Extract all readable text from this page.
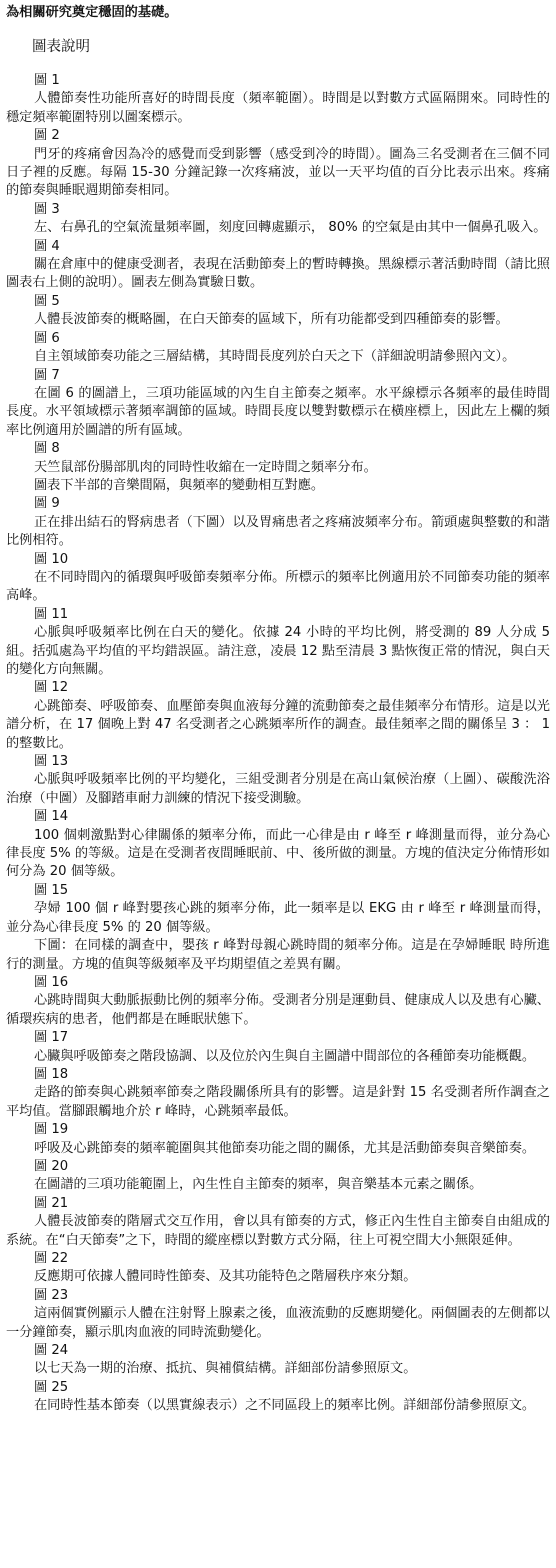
為相關研究奠定穩固的基礎。

圖表說明
圖 1

人體節奏性功能所喜好的時間長度（頻率範圍）。時間是以對數方式區隔開來。同時性的穩定頻率範圍特別以圖案標示。

圖 2

門牙的疼痛會因為冷的感覺而受到影響（感受到冷的時間）。圖為三名受測者在三個不同日子裡的反應。每隔 15-30 分鐘記錄一次疼痛波，並以一天平均值的百分比表示出來。疼痛的節奏與睡眠週期節奏相同。

圖 3

左、右鼻孔的空氣流量頻率圖，刻度回轉處顯示， 80% 的空氣是由其中一個鼻孔吸入。

圖 4

關在倉庫中的健康受測者，表現在活動節奏上的暫時轉換。黑線標示著活動時間（請比照圖表右上側的說明）。圖表左側為實驗日數。

圖 5

人體長波節奏的概略圖，在白天節奏的區域下，所有功能都受到四種節奏的影響。

圖 6

自主領域節奏功能之三層結構，其時間長度列於白天之下（詳細說明請參照內文）。

圖 7

在圖 6 的圖譜上，三項功能區域的內生自主節奏之頻率。水平線標示各頻率的最佳時間長度。水平領域標示著頻率調節的區域。時間長度以雙對數標示在橫座標上，因此左上欄的頻率比例適用於圖譜的所有區域。

圖 8

天竺鼠部份腸部肌肉的同時性收縮在一定時間之頻率分布。

圖表下半部的音樂間隔，與頻率的變動相互對應。

圖 9

正在排出結石的腎病患者（下圖）以及胃痛患者之疼痛波頻率分布。箭頭處與整數的和諧比例相符。

圖 10

在不同時間內的循環與呼吸節奏頻率分佈。所標示的頻率比例適用於不同節奏功能的頻率高峰。

圖 11

心脈與呼吸頻率比例在白天的變化。依據 24 小時的平均比例，將受測的 89 人分成 5 組。括弧處為平均值的平均錯誤區。請注意，凌晨 12 點至清晨 3 點恢復正常的情況，與白天的變化方向無關。

圖 12

心跳節奏、呼吸節奏、血壓節奏與血液每分鐘的流動節奏之最佳頻率分布情形。這是以光譜分析，在 17 個晚上對 47 名受測者之心跳頻率所作的調查。最佳頻率之間的關係呈 3 ： 1 的整數比。

圖 13

心脈與呼吸頻率比例的平均變化，三組受測者分別是在高山氣候治療（上圖）、碳酸洗浴治療（中圖）及腳踏車耐力訓練的情況下接受測驗。

圖 14

100 個刺激點對心律關係的頻率分佈，而此一心律是由 r 峰至 r 峰測量而得，並分為心律長度 5% 的等級。這是在受測者夜間睡眠前、中、後所做的測量。方塊的值決定分佈情形如何分為 20 個等級。

圖 15

孕婦 100 個 r 峰對嬰孩心跳的頻率分佈，此一頻率是以 EKG 由 r 峰至 r 峰測量而得，並分為心律長度 5% 的 20 個等級。

下圖：在同樣的調查中，嬰孩 r 峰對母親心跳時間的頻率分佈。這是在孕婦睡眠 時所進行的測量。方塊的值與等級頻率及平均期望值之差異有關。

圖 16

心跳時間與大動脈振動比例的頻率分佈。受測者分別是運動員、健康成人以及患有心臟、循環疾病的患者，他們都是在睡眠狀態下。

圖 17

心臟與呼吸節奏之階段協調、以及位於內生與自主圖譜中間部位的各種節奏功能概觀。

圖 18

走路的節奏與心跳頻率節奏之階段關係所具有的影響。這是針對 15 名受測者所作調查之平均值。當腳跟觸地介於 r 峰時，心跳頻率最低。

圖 19

呼吸及心跳節奏的頻率範圍與其他節奏功能之間的關係，尤其是活動節奏與音樂節奏。

圖 20

在圖譜的三項功能範圍上，內生性自主節奏的頻率，與音樂基本元素之關係。

圖 21

人體長波節奏的階層式交互作用，會以具有節奏的方式，修正內生性自主節奏自由組成的系統。在“白天節奏”之下，時間的縱座標以對數方式分隔，往上可視空間大小無限延伸。

圖 22

反應期可依據人體同時性節奏、及其功能特色之階層秩序來分類。

圖 23

這兩個實例顯示人體在注射腎上腺素之後，血液流動的反應期變化。兩個圖表的左側都以一分鐘節奏，顯示肌肉血液的同時流動變化。

圖 24

以七天為一期的治療、抵抗、與補償結構。詳細部份請參照原文。

圖 25

在同時性基本節奏（以黑實線表示）之不同區段上的頻率比例。詳細部份請參照原文。
